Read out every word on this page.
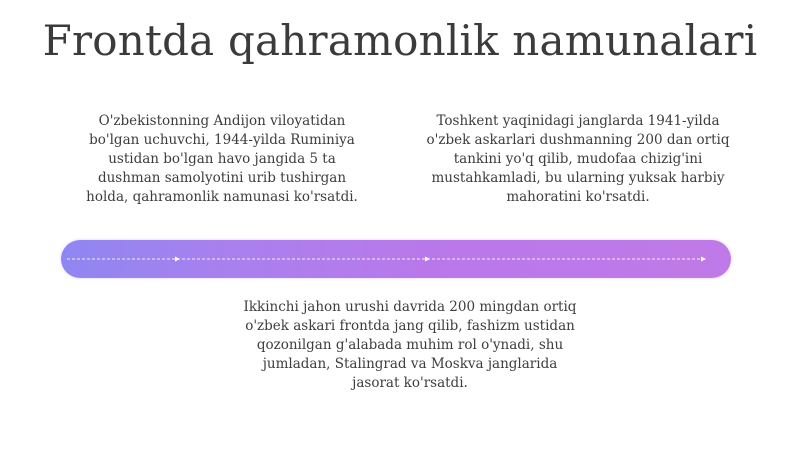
Frontda qahramonlik namunalari
O'zbekistonning Andijon viloyatidan
bo'lgan uchuvchi, 1944-yilda Ruminiya
ustidan bo'lgan havo jangida 5 ta
dushman samolyotini urib tushirgan
holda, qahramonlik namunasi ko'rsatdi.
Toshkent yaqinidagi janglarda 1941-yilda
o'zbek askarlari dushmanning 200 dan ortiq
tankini yo'q qilib, mudofaa chizig'ini
mustahkamladi, bu ularning yuksak harbiy
mahoratini ko'rsatdi.
Ikkinchi jahon urushi davrida 200 mingdan ortiq
o'zbek askari frontda jang qilib, fashizm ustidan
qozonilgan g'alabada muhim rol o'ynadi, shu
jumladan, Stalingrad va Moskva janglarida
jasorat ko'rsatdi.
